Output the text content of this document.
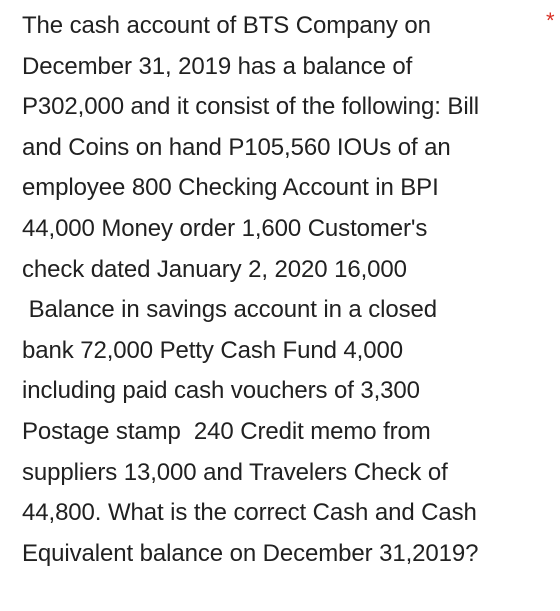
The cash account of BTS Company on
December 31, 2019 has a balance of
P302,000 and it consist of the following: Bill
and Coins on hand P105,560 IOUs of an
employee 800 Checking Account in BPI
44,000 Money order 1,600 Customer's
check dated January 2, 2020 16,000
Balance in savings account in a closed
bank 72,000 Petty Cash Fund 4,000
including paid cash vouchers of 3,300
Postage stamp  240 Credit memo from
suppliers 13,000 and Travelers Check of
44,800. What is the correct Cash and Cash
Equivalent balance on December 31,2019?
*
